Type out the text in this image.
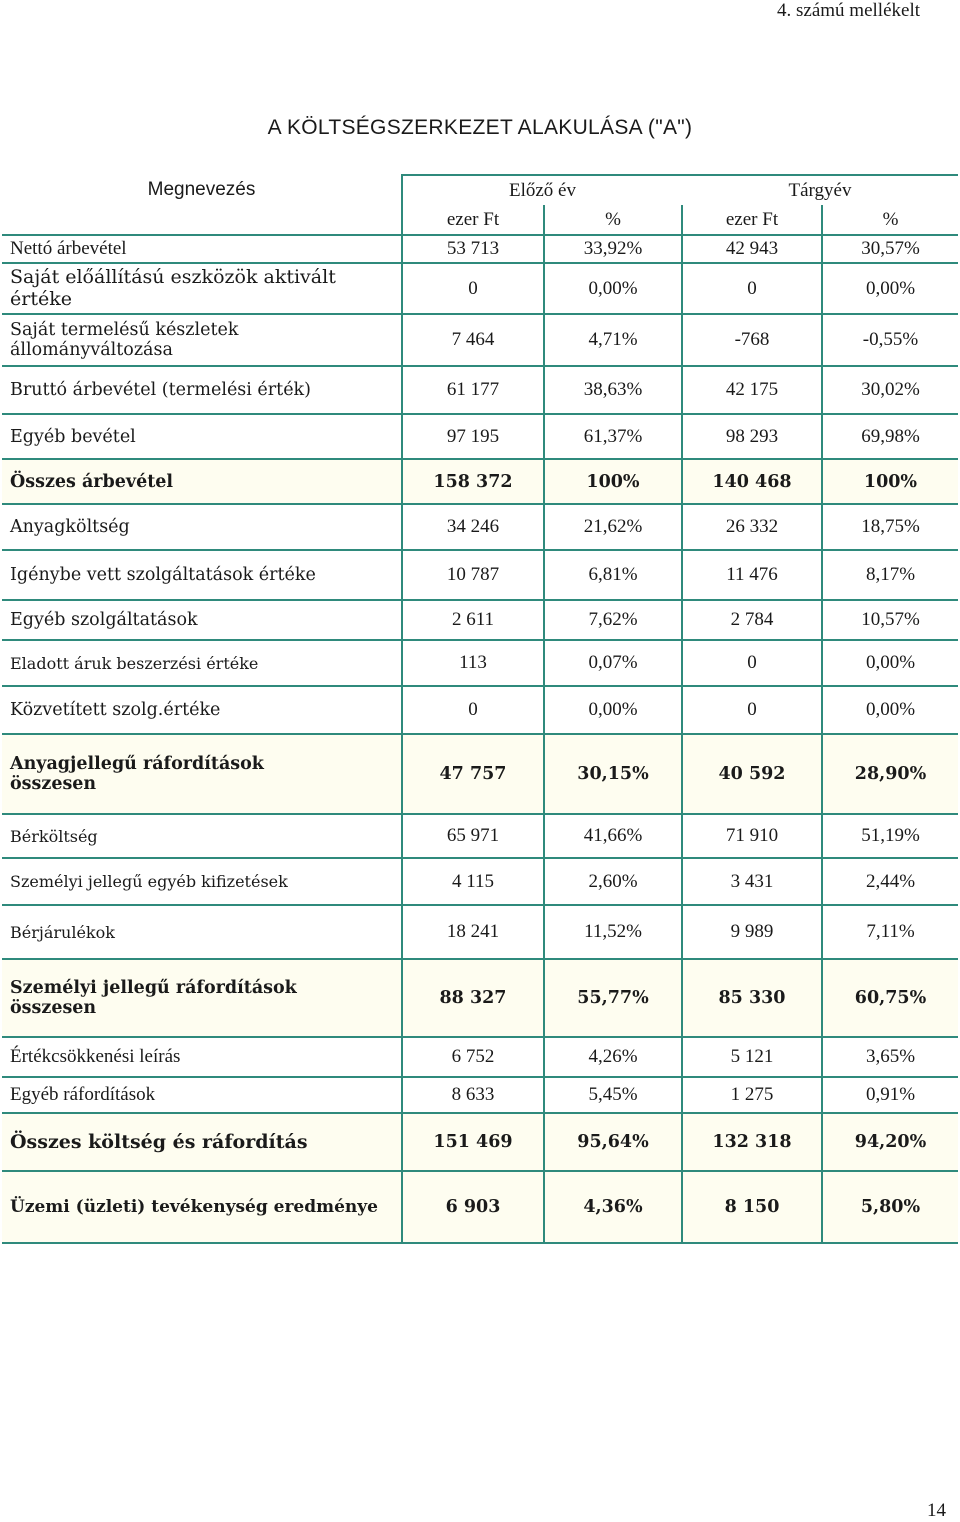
4. számú mellékelt
A KÖLTSÉGSZERKEZET ALAKULÁSA ("A")
Megnevezés	Előző év		Tárgyév	
	ezer Ft	%	ezer Ft	%
Nettó árbevétel	53 713	33,92%	42 943	30,57%
Saját előállítású eszközök aktivált értéke	0	0,00%	0	0,00%
Saját termelésű készletek állományváltozása	7 464	4,71%	-768	-0,55%
Bruttó árbevétel (termelési érték)	61 177	38,63%	42 175	30,02%
Egyéb bevétel	97 195	61,37%	98 293	69,98%
Összes árbevétel	158 372	100%	140 468	100%
Anyagköltség	34 246	21,62%	26 332	18,75%
Igénybe vett szolgáltatások értéke	10 787	6,81%	11 476	8,17%
Egyéb szolgáltatások	2 611	7,62%	2 784	10,57%
Eladott áruk beszerzési értéke	113	0,07%	0	0,00%
Közvetített szolg.értéke	0	0,00%	0	0,00%
Anyagjellegű ráfordítások összesen	47 757	30,15%	40 592	28,90%
Bérköltség	65 971	41,66%	71 910	51,19%
Személyi jellegű egyéb kifizetések	4 115	2,60%	3 431	2,44%
Bérjárulékok	18 241	11,52%	9 989	7,11%
Személyi jellegű ráfordítások összesen	88 327	55,77%	85 330	60,75%
Értékcsökkenési leírás	6 752	4,26%	5 121	3,65%
Egyéb ráfordítások	8 633	5,45%	1 275	0,91%
Összes költség és ráfordítás	151 469	95,64%	132 318	94,20%
Üzemi (üzleti) tevékenység eredménye	6 903	4,36%	8 150	5,80%
14
